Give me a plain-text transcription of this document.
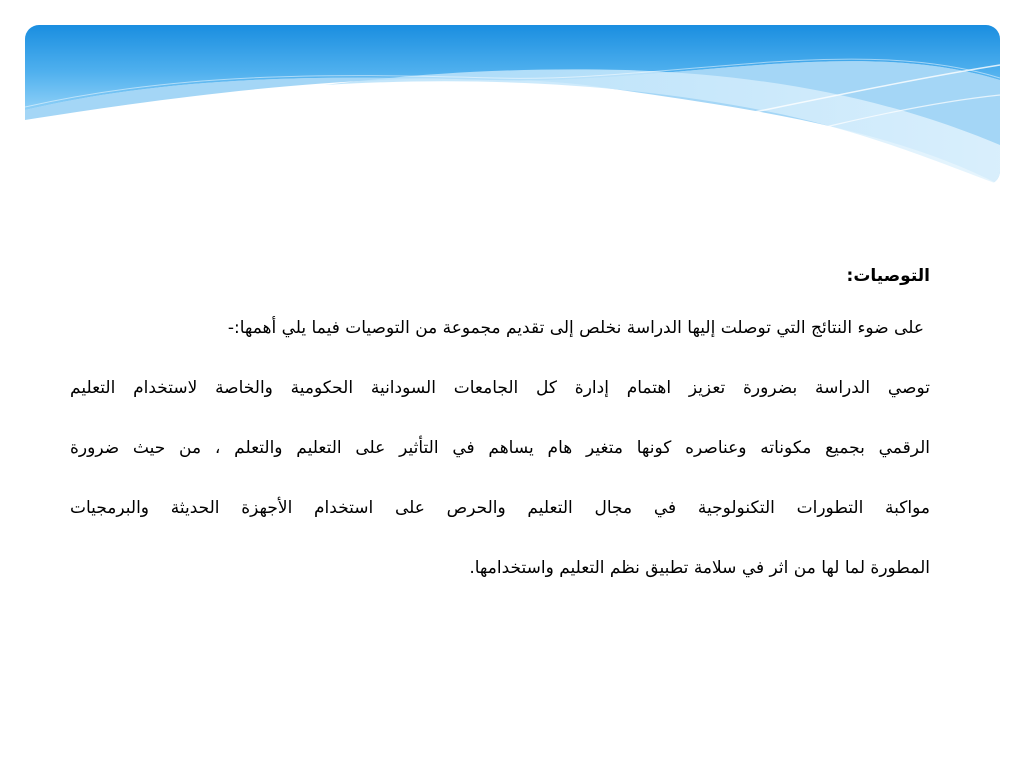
التوصيات:

على ضوء النتائج التي توصلت إليها الدراسة نخلص إلى تقديم مجموعة من التوصيات فيما يلي أهمها:-

توصي الدراسة بضرورة تعزيز اهتمام إدارة كل الجامعات السودانية الحكومية والخاصة لاستخدام التعليم

الرقمي بجميع مكوناته وعناصره كونها متغير هام يساهم في التأثير على التعليم والتعلم ، من حيث ضرورة

مواكبة التطورات التكنولوجية في مجال التعليم والحرص على استخدام الأجهزة الحديثة والبرمجيات

المطورة لما لها من اثر في سلامة تطبيق نظم التعليم واستخدامها.
